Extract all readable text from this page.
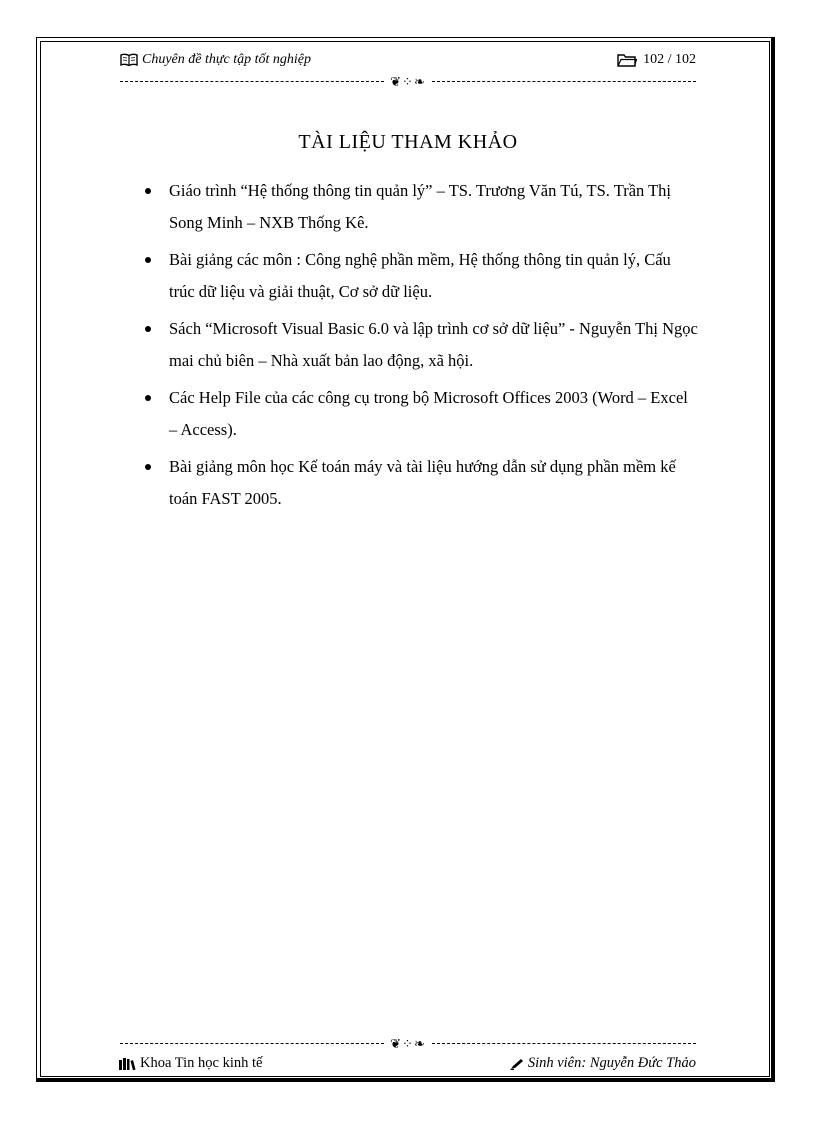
Chuyên đề thực tập tốt nghiệp	102 / 102
❦⁘❧
TÀI LIỆU THAM KHẢO
Giáo trình “Hệ thống thông tin quản lý” – TS. Trương Văn Tú, TS. Trần Thị Song Minh – NXB Thống Kê.
Bài giảng các môn : Công nghệ phần mềm, Hệ thống thông tin quản lý, Cấu trúc dữ liệu và giải thuật, Cơ sở dữ liệu.
Sách “Microsoft Visual Basic 6.0 và lập trình cơ sở dữ liệu” - Nguyễn Thị Ngọc mai chủ biên – Nhà xuất bản lao động, xã hội.
Các Help File của các công cụ trong bộ Microsoft Offices 2003 (Word – Excel – Access).
Bài giảng môn học Kế toán máy và tài liệu hướng dẫn sử dụng phần mềm kế toán FAST 2005.
❦⁘❧
Khoa Tin học kinh tế	Sinh viên: Nguyễn Đức Thảo
